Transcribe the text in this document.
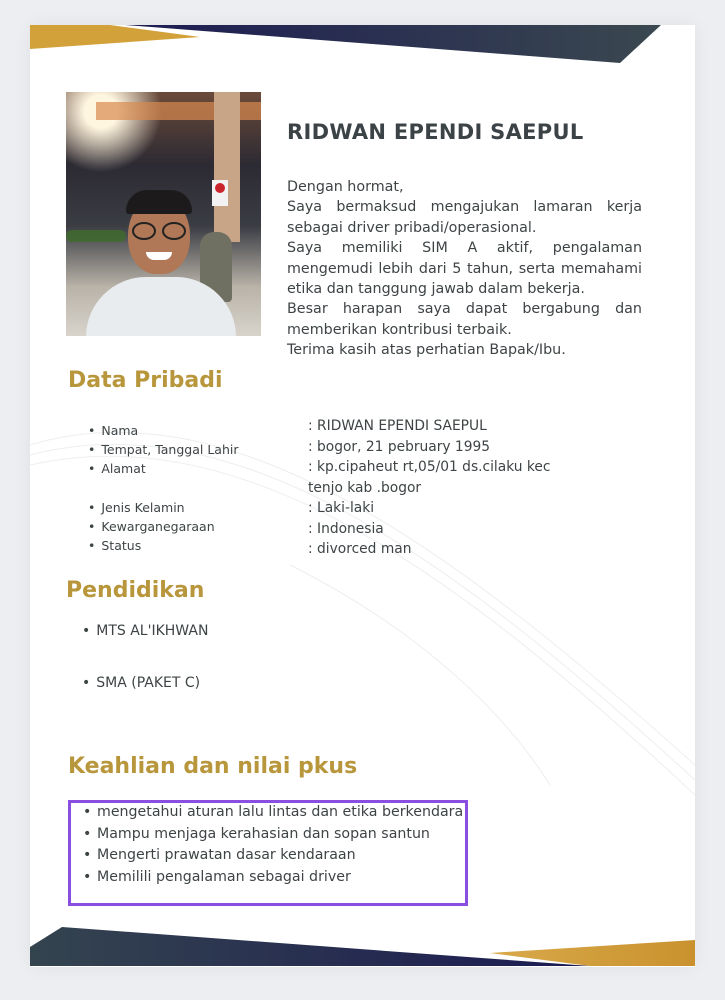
RIDWAN EPENDI SAEPUL

Dengan hormat,

Saya bermaksud mengajukan lamaran kerja sebagai driver pribadi/operasional.

Saya memiliki SIM A aktif, pengalaman mengemudi lebih dari 5 tahun, serta memahami etika dan tanggung jawab dalam bekerja.

Besar harapan saya dapat bergabung dan memberikan kontribusi terbaik.

Terima kasih atas perhatian Bapak/Ibu.

Data Pribadi
• Nama
• Tempat, Tanggal Lahir
• Alamat
• Jenis Kelamin
• Kewarganegaraan
• Status
: RIDWAN EPENDI SAEPUL
: bogor, 21 pebruary 1995
: kp.cipaheut rt,05/01 ds.cilaku kec
tenjo kab .bogor
: Laki-laki
: Indonesia
: divorced man
Pendidikan
• MTS AL'IKHWAN
• SMA (PAKET C)
Keahlian dan nilai pkus
• mengetahui aturan lalu lintas dan etika berkendara
• Mampu menjaga kerahasian dan sopan santun
• Mengerti prawatan dasar kendaraan
• Memilili pengalaman sebagai driver
